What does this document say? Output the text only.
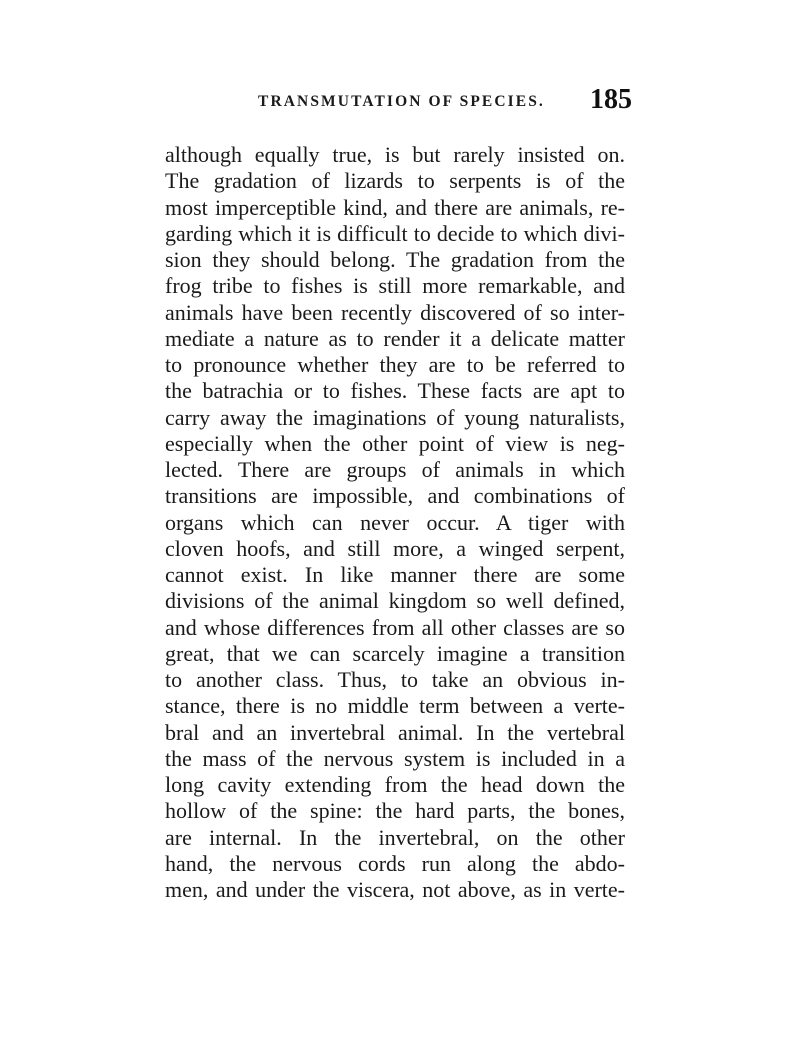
TRANSMUTATION OF SPECIES. 185
although equally true, is but rarely insisted on.
The gradation of lizards to serpents is of the
most imperceptible kind, and there are animals, re-
garding which it is difficult to decide to which divi-
sion they should belong. The gradation from the
frog tribe to fishes is still more remarkable, and
animals have been recently discovered of so inter-
mediate a nature as to render it a delicate matter
to pronounce whether they are to be referred to
the batrachia or to fishes. These facts are apt to
carry away the imaginations of young naturalists,
especially when the other point of view is neg-
lected. There are groups of animals in which
transitions are impossible, and combinations of
organs which can never occur. A tiger with
cloven hoofs, and still more, a winged serpent,
cannot exist. In like manner there are some
divisions of the animal kingdom so well defined,
and whose differences from all other classes are so
great, that we can scarcely imagine a transition
to another class. Thus, to take an obvious in-
stance, there is no middle term between a verte-
bral and an invertebral animal. In the vertebral
the mass of the nervous system is included in a
long cavity extending from the head down the
hollow of the spine: the hard parts, the bones,
are internal. In the invertebral, on the other
hand, the nervous cords run along the abdo-
men, and under the viscera, not above, as in verte-
